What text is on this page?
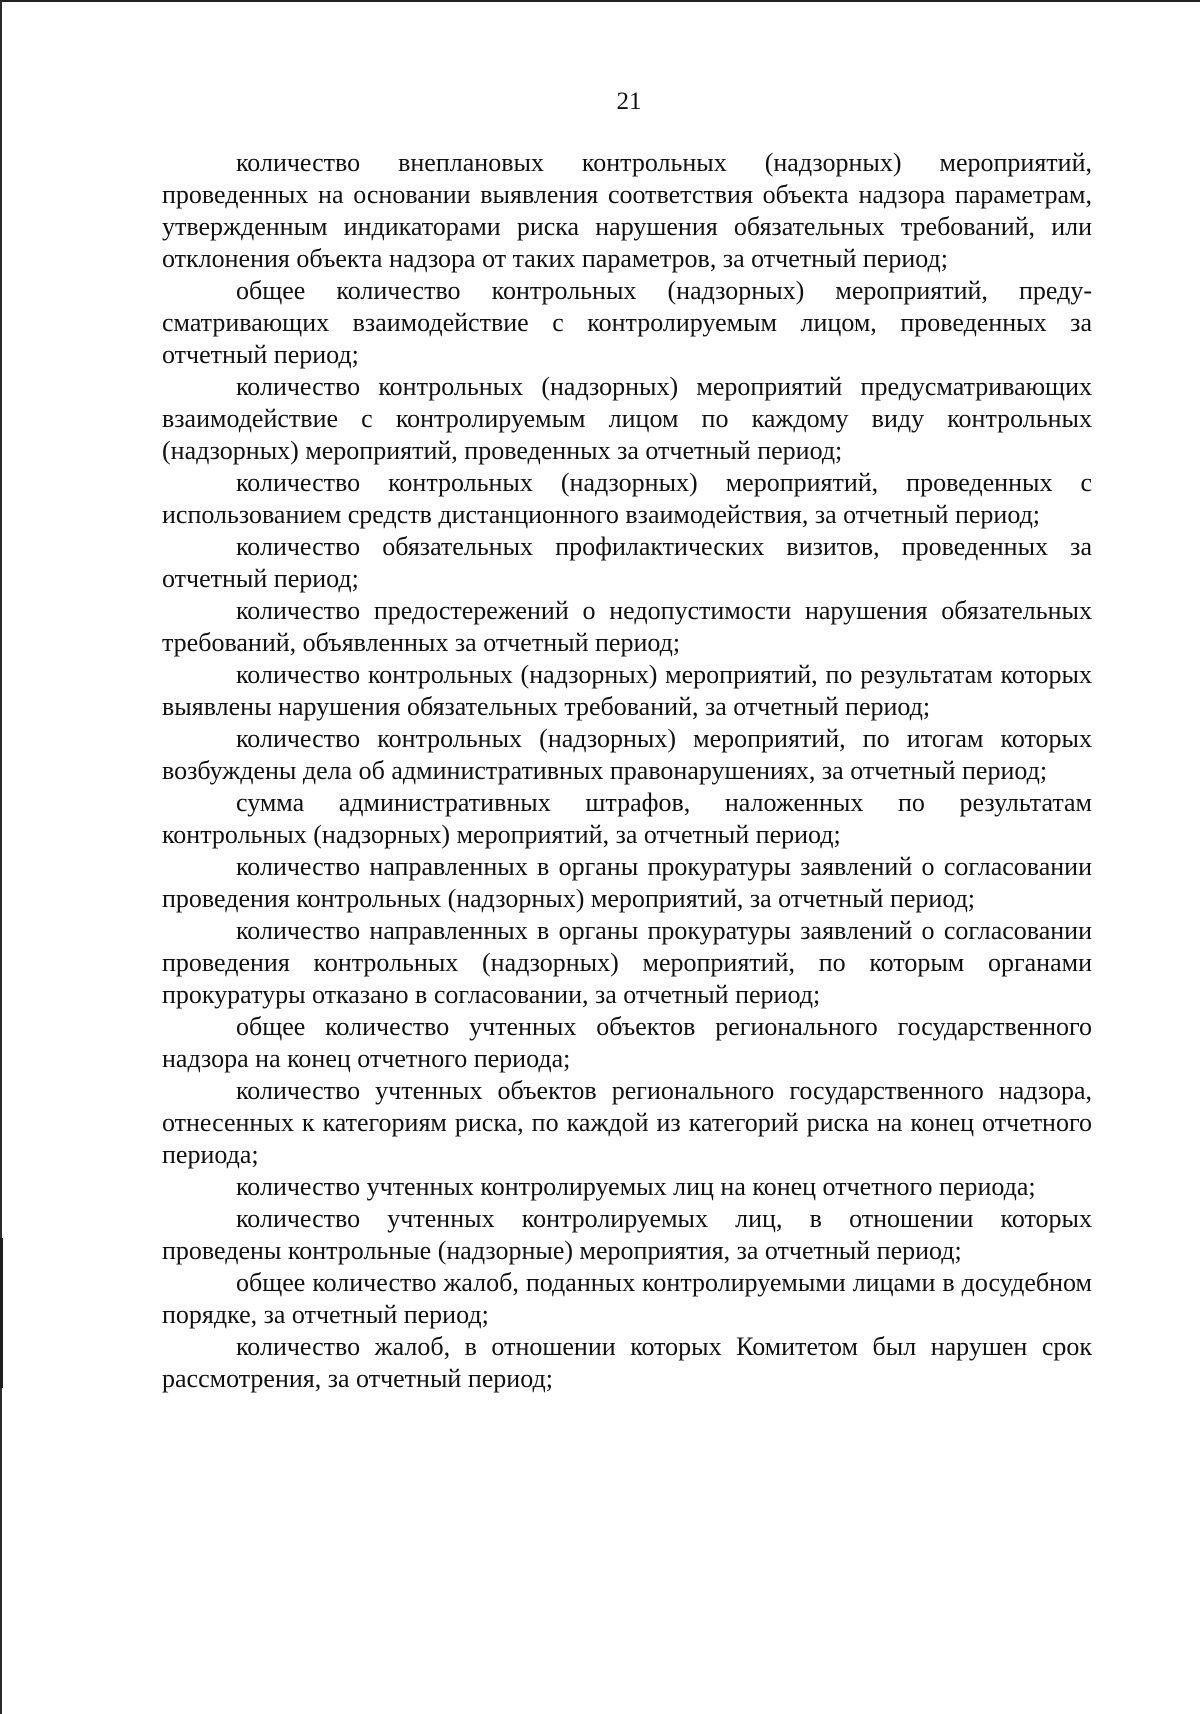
21

количество внеплановых контрольных (надзорных) мероприятий, проведенных на основании выявления соответствия объекта надзора параметрам, утвержденным индикаторами риска нарушения обязательных требований, или отклонения объекта надзора от таких параметров, за отчетный период;

общее количество контрольных (надзорных) мероприятий, предусматривающих взаимодействие с контролируемым лицом, проведенных за отчетный период;

количество контрольных (надзорных) мероприятий предусматривающих взаимодействие с контролируемым лицом по каждому виду контрольных (надзорных) мероприятий, проведенных за отчетный период;

количество контрольных (надзорных) мероприятий, проведенных с использованием средств дистанционного взаимодействия, за отчетный период;

количество обязательных профилактических визитов, проведенных за отчетный период;

количество предостережений о недопустимости нарушения обязательных требований, объявленных за отчетный период;

количество контрольных (надзорных) мероприятий, по результатам которых выявлены нарушения обязательных требований, за отчетный период;

количество контрольных (надзорных) мероприятий, по итогам которых возбуждены дела об административных правонарушениях, за отчетный период;

сумма административных штрафов, наложенных по результатам контрольных (надзорных) мероприятий, за отчетный период;

количество направленных в органы прокуратуры заявлений о согласовании проведения контрольных (надзорных) мероприятий, за отчетный период;

количество направленных в органы прокуратуры заявлений о согласовании проведения контрольных (надзорных) мероприятий, по которым органами прокуратуры отказано в согласовании, за отчетный период;

общее количество учтенных объектов регионального государственного надзора на конец отчетного периода;

количество учтенных объектов регионального государственного надзора, отнесенных к категориям риска, по каждой из категорий риска на конец отчетного периода;

количество учтенных контролируемых лиц на конец отчетного периода;

количество учтенных контролируемых лиц, в отношении которых проведены контрольные (надзорные) мероприятия, за отчетный период;

общее количество жалоб, поданных контролируемыми лицами в досудебном порядке, за отчетный период;

количество жалоб, в отношении которых Комитетом был нарушен срок рассмотрения, за отчетный период;
